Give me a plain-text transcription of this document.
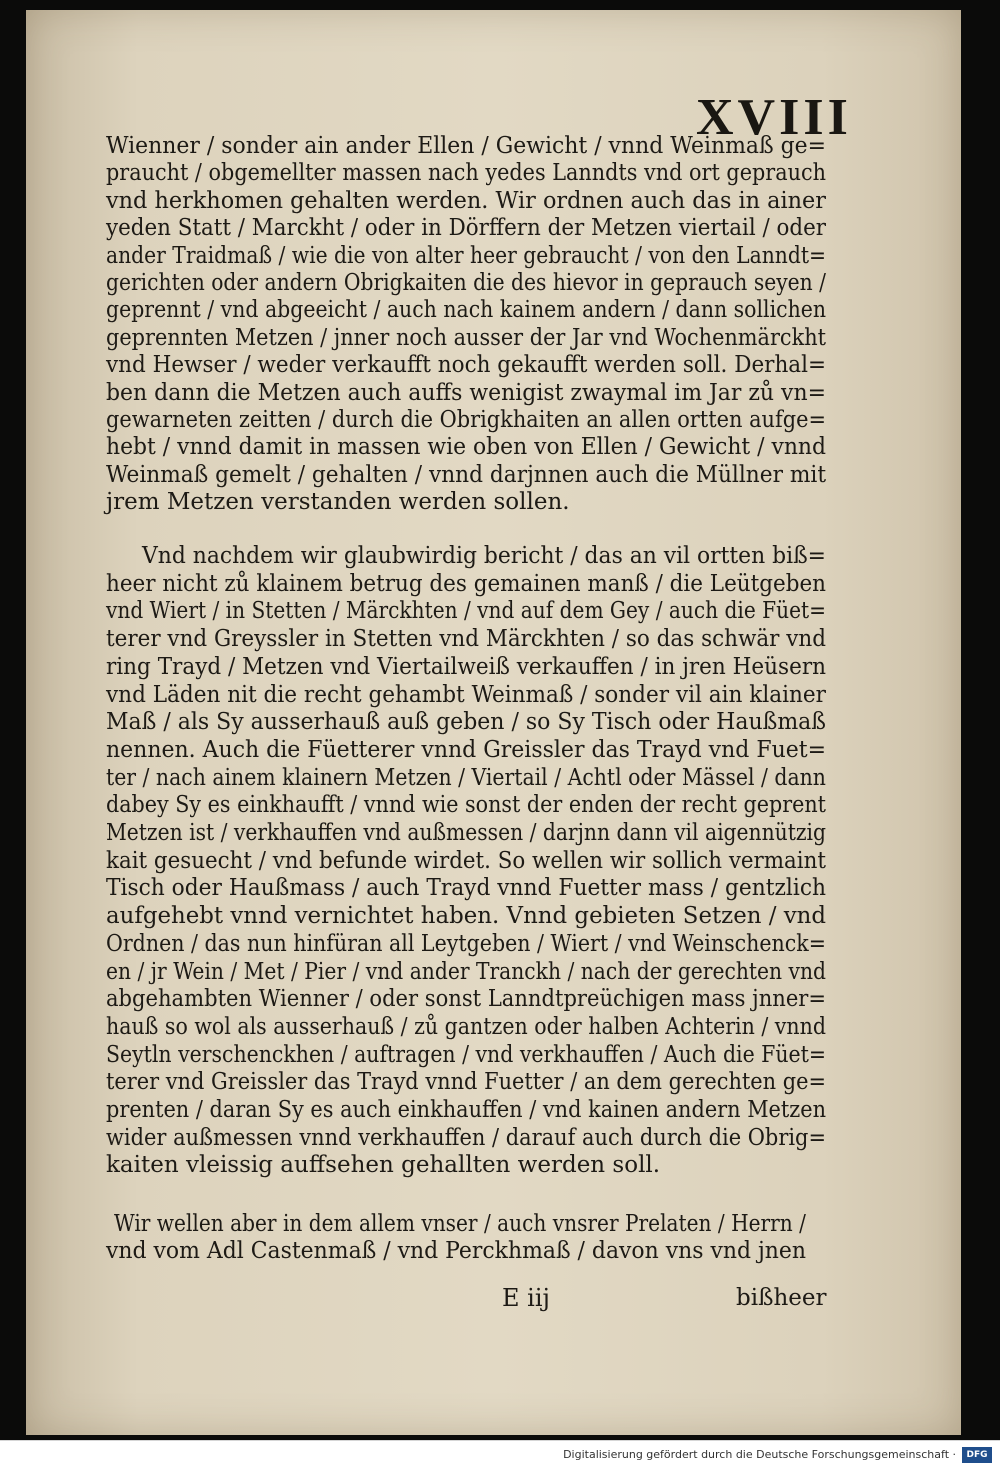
XVIII
Wienner / sonder ain ander Ellen / Gewicht / vnnd Weinmaß ge=
praucht / obgemellter massen nach yedes Lanndts vnd ort geprauch
vnd herkhomen gehalten werden. Wir ordnen auch das in ainer
yeden Statt / Marckht / oder in Dörffern der Metzen viertail / oder
ander Traidmaß / wie die von alter heer gebraucht / von den Lanndt=
gerichten oder andern Obrigkaiten die des hievor in geprauch seyen /
geprennt / vnd abgeeicht / auch nach kainem andern / dann sollichen
geprennten Metzen / jnner noch ausser der Jar vnd Wochenmärckht
vnd Hewser / weder verkaufft noch gekaufft werden soll. Derhal=
ben dann die Metzen auch auffs wenigist zwaymal im Jar zů vn=
gewarneten zeitten / durch die Obrigkhaiten an allen ortten aufge=
hebt / vnnd damit in massen wie oben von Ellen / Gewicht / vnnd
Weinmaß gemelt / gehalten / vnnd darjnnen auch die Müllner mit
jrem Metzen verstanden werden sollen.
Vnd nachdem wir glaubwirdig bericht / das an vil ortten biß=
heer nicht zů klainem betrug des gemainen manß / die Leütgeben
vnd Wiert / in Stetten / Märckhten / vnd auf dem Gey / auch die Füet=
terer vnd Greyssler in Stetten vnd Märckhten / so das schwär vnd
ring Trayd / Metzen vnd Viertailweiß verkauffen / in jren Heüsern
vnd Läden nit die recht gehambt Weinmaß / sonder vil ain klainer
Maß / als Sy ausserhauß auß geben / so Sy Tisch oder Haußmaß
nennen. Auch die Füetterer vnnd Greissler das Trayd vnd Fuet=
ter / nach ainem klainern Metzen / Viertail / Achtl oder Mässel / dann
dabey Sy es einkhaufft / vnnd wie sonst der enden der recht geprent
Metzen ist / verkhauffen vnd außmessen / darjnn dann vil aigennützig
kait gesuecht / vnd befunde wirdet. So wellen wir sollich vermaint
Tisch oder Haußmass / auch Trayd vnnd Fuetter mass / gentzlich
aufgehebt vnnd vernichtet haben. Vnnd gebieten Setzen / vnd
Ordnen / das nun hinfüran all Leytgeben / Wiert / vnd Weinschenck=
en / jr Wein / Met / Pier / vnd ander Tranckh / nach der gerechten vnd
abgehambten Wienner / oder sonst Lanndtpreüchigen mass jnner=
hauß so wol als ausserhauß / zů gantzen oder halben Achterin / vnnd
Seytln verschenckhen / auftragen / vnd verkhauffen / Auch die Füet=
terer vnd Greissler das Trayd vnnd Fuetter / an dem gerechten ge=
prenten / daran Sy es auch einkhauffen / vnd kainen andern Metzen
wider außmessen vnnd verkhauffen / darauf auch durch die Obrig=
kaiten vleissig auffsehen gehallten werden soll.
E iij	bißheer
Wir wellen aber in dem allem vnser / auch vnsrer Prelaten / Herrn /
vnd vom Adl Castenmaß / vnd Perckhmaß / davon vns vnd jnen
Digitalisierung gefördert durch die Deutsche Forschungsgemeinschaft ·	DFG
